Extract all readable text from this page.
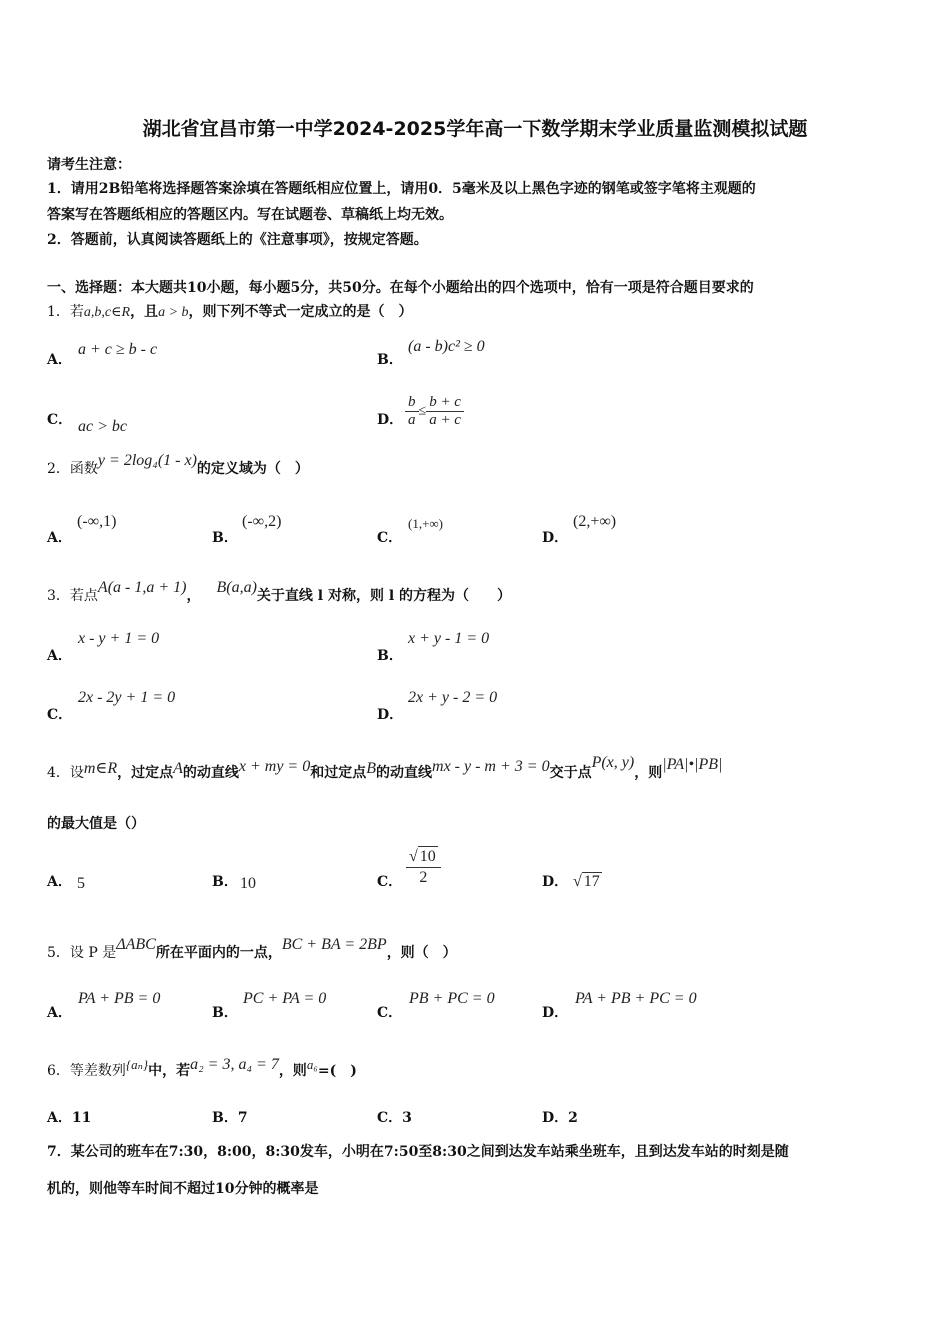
湖北省宜昌市第一中学2024-2025学年高一下数学期末学业质量监测模拟试题
请考生注意：
1．请用2B铅笔将选择题答案涂填在答题纸相应位置上，请用0．5毫米及以上黑色字迹的钢笔或签字笔将主观题的
答案写在答题纸相应的答题区内。写在试题卷、草稿纸上均无效。
2．答题前，认真阅读答题纸上的《注意事项》，按规定答题。
一、选择题：本大题共10小题，每小题5分，共50分。在每个小题给出的四个选项中，恰有一项是符合题目要求的
1．若a,b,c∈R，且a > b，则下列不等式一定成立的是（　）
A．
a + c ≥ b - c
B．
(a - b)c² ≥ 0
C． ac > bc	D． $\frac{b}{a} \le \frac{b + c}{a + c}$
2．函数y = 2log₄(1 - x)的定义域为（　）
A．
(-∞,1)
B．
(-∞,2)
C．
(1,+∞)
D．
(2,+∞)
3．若点A(a - 1,a + 1)， B(a,a)关于直线 l 对称，则 l 的方程为（　　）
A．
x - y + 1 = 0
B．
x + y - 1 = 0
C．
2x - 2y + 1 = 0
D．
2x + y - 2 = 0
4．设m∈R，过定点A的动直线x + my = 0和过定点B的动直线mx - y - m + 3 = 0交于点P(x, y)，则|PA|•|PB|
的最大值是（）
A． 5	B． 10	C． $\frac{√ 10}{2}$	D． √ 17
5．设 P 是ΔABC所在平面内的一点，BC + BA = 2BP，则（　）
A．
PA + PB = 0
B．
PC + PA = 0
C．
PB + PC = 0
D．
PA + PB + PC = 0
6．等差数列{aₙ}中，若a₂ = 3, a₄ = 7，则a₆=(　)
A．11	B．7	C．3	D．2
7．某公司的班车在7:30，8:00，8:30发车，小明在7:50至8:30之间到达发车站乘坐班车，且到达发车站的时刻是随
机的，则他等车时间不超过10分钟的概率是
